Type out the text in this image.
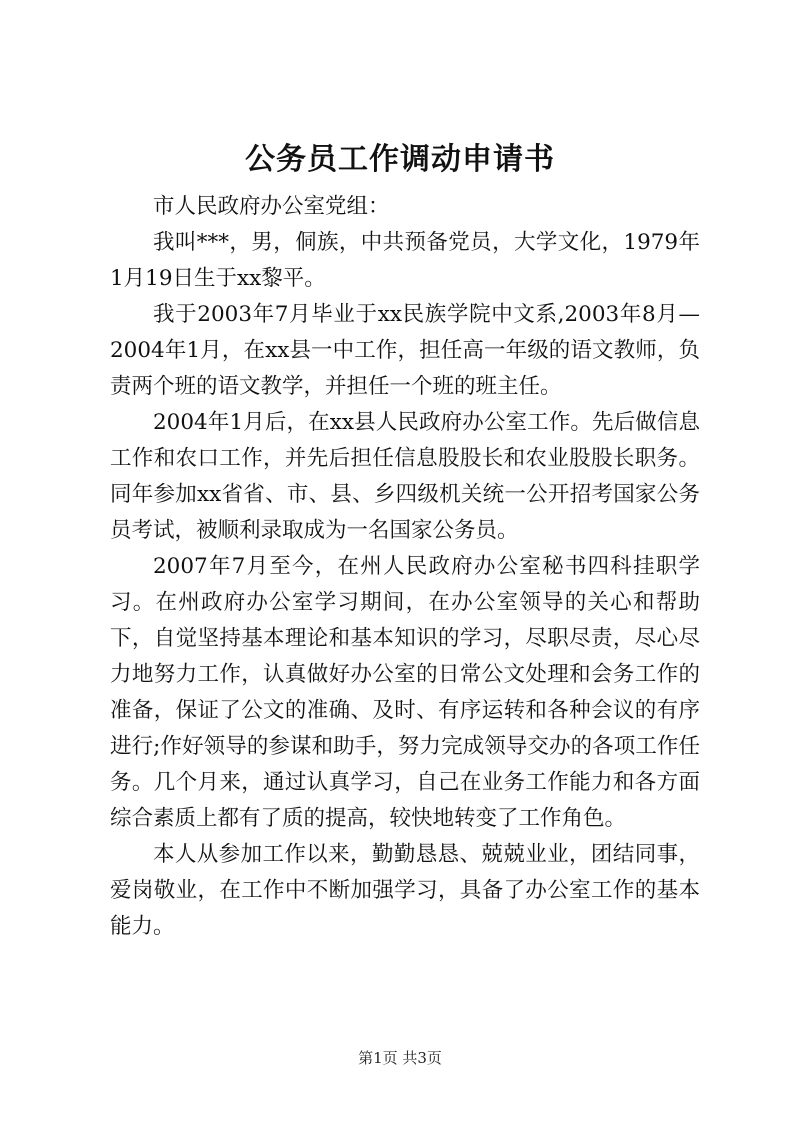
公务员工作调动申请书

市人民政府办公室党组：

我叫***，男，侗族，中共预备党员，大学文化，1979年1月19日生于xx黎平。

我于2003年7月毕业于xx民族学院中文系,2003年8月—2004年1月，在xx县一中工作，担任高一年级的语文教师，负责两个班的语文教学，并担任一个班的班主任。

2004年1月后，在xx县人民政府办公室工作。先后做信息工作和农口工作，并先后担任信息股股长和农业股股长职务。同年参加xx省省、市、县、乡四级机关统一公开招考国家公务员考试，被顺利录取成为一名国家公务员。

2007年7月至今，在州人民政府办公室秘书四科挂职学习。在州政府办公室学习期间，在办公室领导的关心和帮助下，自觉坚持基本理论和基本知识的学习，尽职尽责，尽心尽力地努力工作，认真做好办公室的日常公文处理和会务工作的准备，保证了公文的准确、及时、有序运转和各种会议的有序进行;作好领导的参谋和助手，努力完成领导交办的各项工作任务。几个月来，通过认真学习，自己在业务工作能力和各方面综合素质上都有了质的提高，较快地转变了工作角色。

本人从参加工作以来，勤勤恳恳、兢兢业业，团结同事，爱岗敬业，在工作中不断加强学习，具备了办公室工作的基本能力。

第1页 共3页
